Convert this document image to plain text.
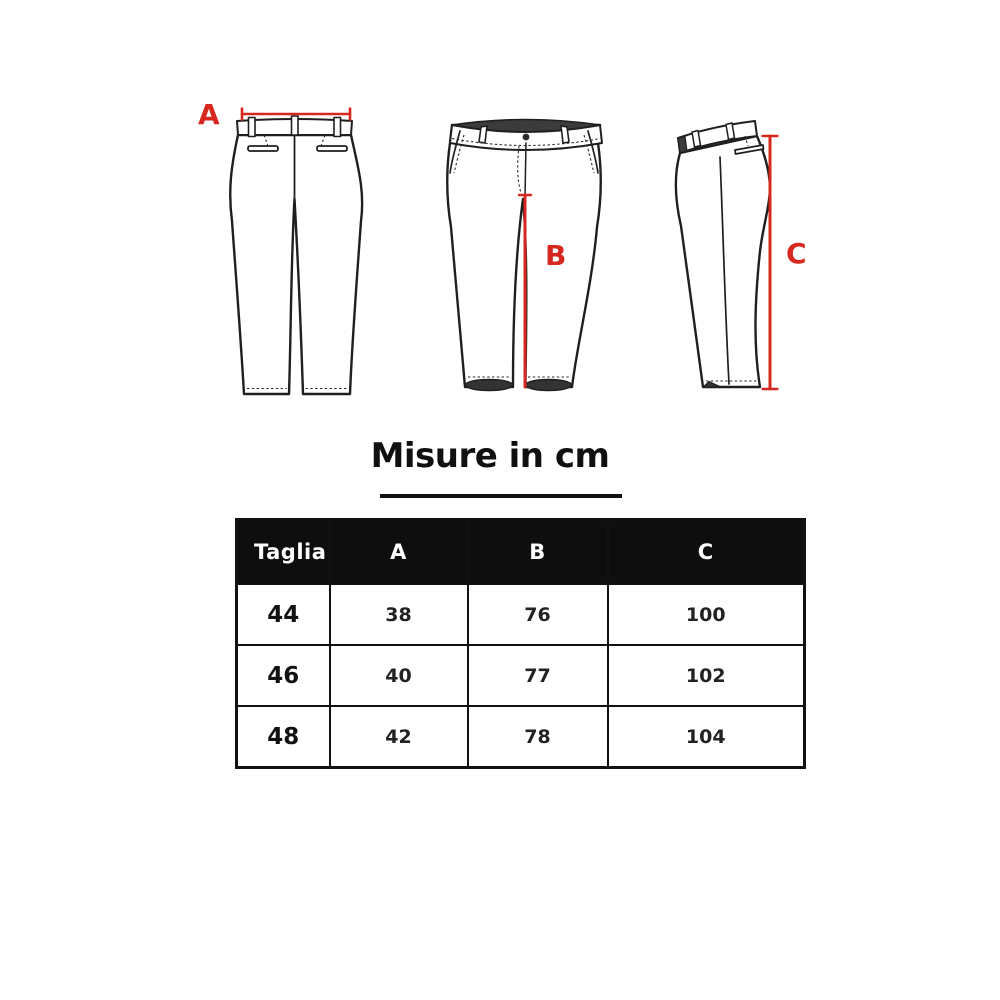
A
B	C
Misure in cm
Taglia	A	B	C
44	38	76	100
46	40	77	102
48	42	78	104
